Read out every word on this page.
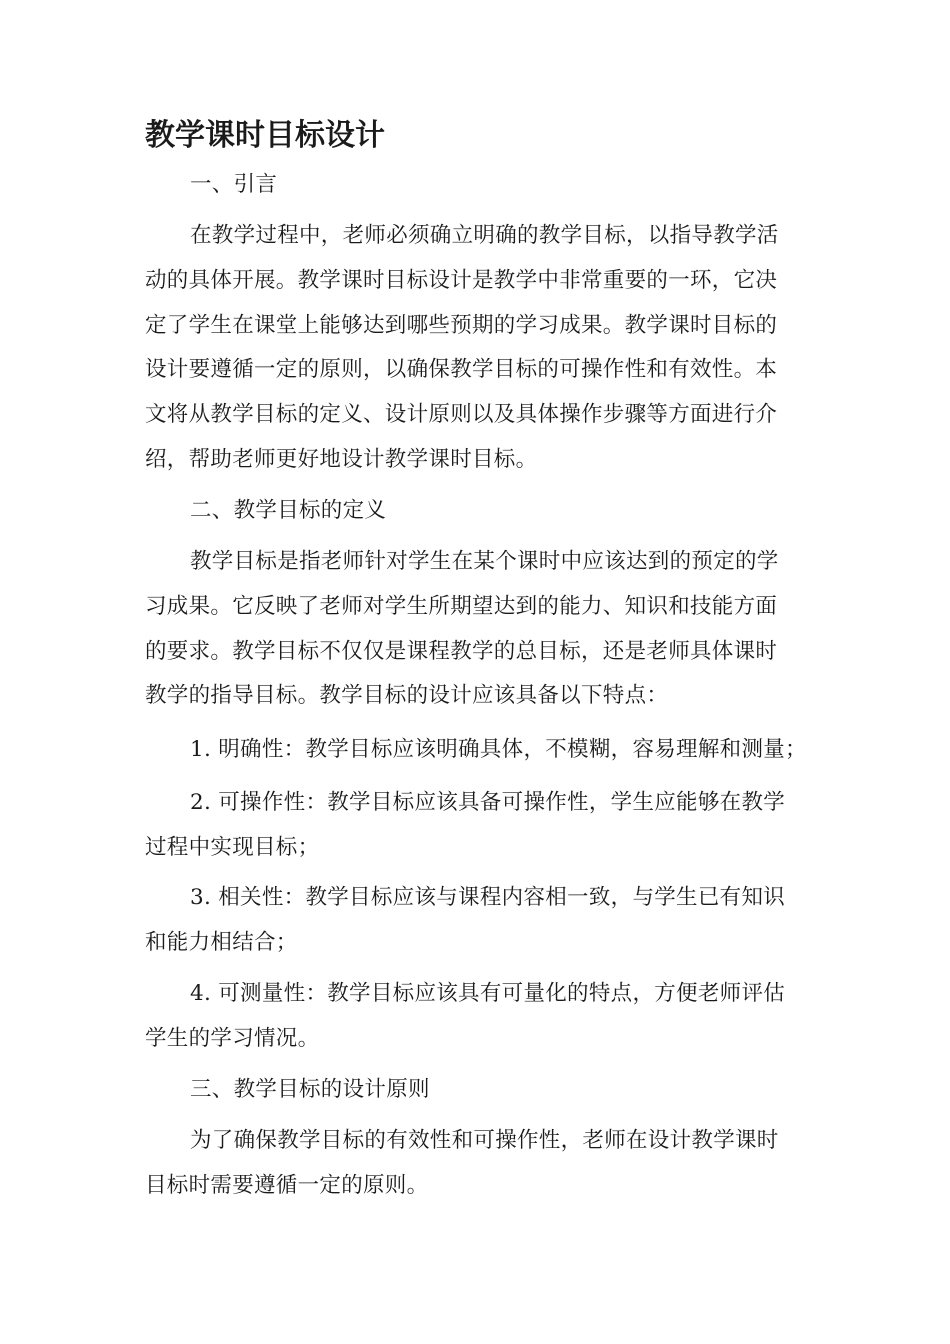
教学课时目标设计
一、引言
在教学过程中，老师必须确立明确的教学目标，以指导教学活
动的具体开展。教学课时目标设计是教学中非常重要的一环，它决
定了学生在课堂上能够达到哪些预期的学习成果。教学课时目标的
设计要遵循一定的原则，以确保教学目标的可操作性和有效性。本
文将从教学目标的定义、设计原则以及具体操作步骤等方面进行介
绍，帮助老师更好地设计教学课时目标。
二、教学目标的定义
教学目标是指老师针对学生在某个课时中应该达到的预定的学
习成果。它反映了老师对学生所期望达到的能力、知识和技能方面
的要求。教学目标不仅仅是课程教学的总目标，还是老师具体课时
教学的指导目标。教学目标的设计应该具备以下特点：
1. 明确性：教学目标应该明确具体，不模糊，容易理解和测量；
2. 可操作性：教学目标应该具备可操作性，学生应能够在教学
过程中实现目标；
3. 相关性：教学目标应该与课程内容相一致，与学生已有知识
和能力相结合；
4. 可测量性：教学目标应该具有可量化的特点，方便老师评估
学生的学习情况。
三、教学目标的设计原则
为了确保教学目标的有效性和可操作性，老师在设计教学课时
目标时需要遵循一定的原则。
